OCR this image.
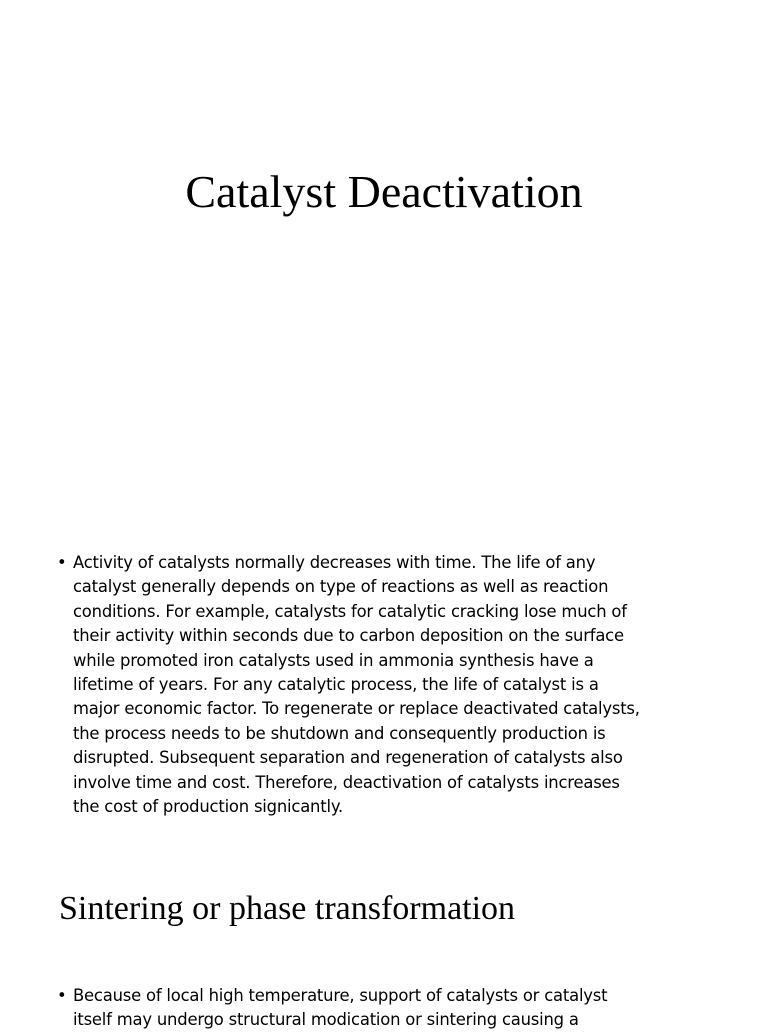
Catalyst Deactivation
• Activity of catalysts normally decreases with time. The life of any
catalyst generally depends on type of reactions as well as reaction
conditions. For example, catalysts for catalytic cracking lose much of
their activity within seconds due to carbon deposition on the surface
while promoted iron catalysts used in ammonia synthesis have a
lifetime of years. For any catalytic process, the life of catalyst is a
major economic factor. To regenerate or replace deactivated catalysts,
the process needs to be shutdown and consequently production is
disrupted. Subsequent separation and regeneration of catalysts also
involve time and cost. Therefore, deactivation of catalysts increases
the cost of production signicantly.
Sintering or phase transformation
• Because of local high temperature, support of catalysts or catalyst
itself may undergo structural modication or sintering causing a
